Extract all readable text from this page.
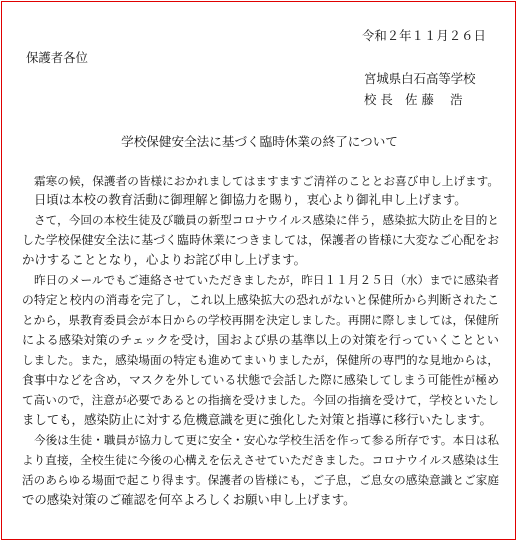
令和２年１１月２６日
保護者各位
宮城県白石高等学校
校 長　佐 藤　 浩
学校保健安全法に基づく臨時休業の終了について
霜寒の候，保護者の皆様におかれましてはますますご清祥のこととお喜び申し上げます。
日頃は本校の教育活動に御理解と御協力を賜り，衷心より御礼申し上げます。
さて，今回の本校生徒及び職員の新型コロナウイルス感染に伴う，感染拡大防止を目的と
した学校保健安全法に基づく臨時休業につきましては，保護者の皆様に大変なご心配をお
かけすることとなり，心よりお詫び申し上げます。
昨日のメールでもご連絡させていただきましたが，昨日１１月２５日（水）までに感染者
の特定と校内の消毒を完了し，これ以上感染拡大の恐れがないと保健所から判断されたこ
とから，県教育委員会が本日からの学校再開を決定しました。再開に際しましては，保健所
による感染対策のチェックを受け，国および県の基準以上の対策を行っていくこととい
しました。また，感染場面の特定も進めてまいりましたが，保健所の専門的な見地からは，
食事中などを含め，マスクを外している状態で会話した際に感染してしまう可能性が極め
て高いので，注意が必要であるとの指摘を受けました。今回の指摘を受けて，学校といたし
ましても，感染防止に対する危機意識を更に強化した対策と指導に移行いたします。
今後は生徒・職員が協力して更に安全・安心な学校生活を作って参る所存です。本日は私
より直接，全校生徒に今後の心構えを伝えさせていただきました。コロナウイルス感染は生
活のあらゆる場面で起こり得ます。保護者の皆様にも，ご子息，ご息女の感染意識とご家庭
での感染対策のご確認を何卒よろしくお願い申し上げます。
